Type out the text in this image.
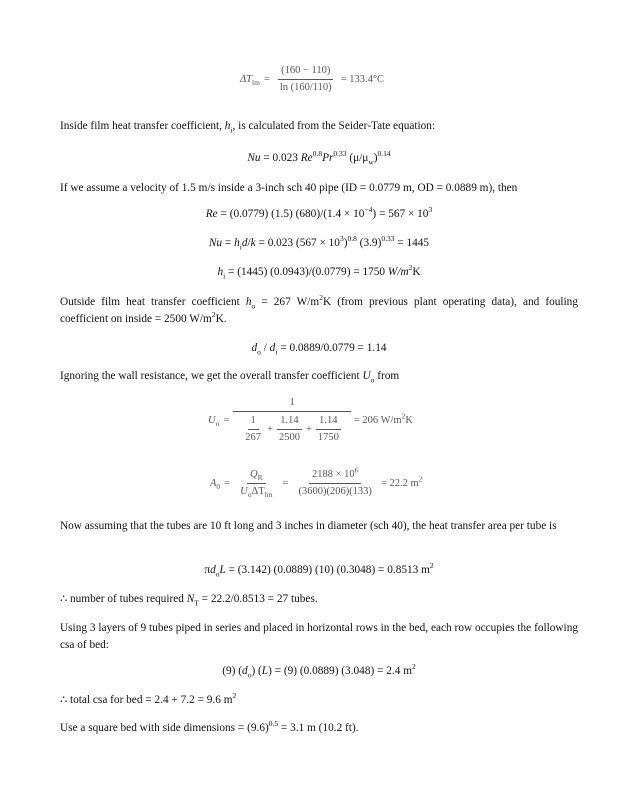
$\Delta T_{lm} = \frac{(160 - 110)}{\ln (160/110)} = 133.4^\circ C$

Inside film heat transfer coefficient, $h_i$, is calculated from the Seider-Tate equation:

Nu = 0.023 $Re^{0.8}Pr^{0.33}$ $(\mu/\mu_w)^{0.14}$

If we assume a velocity of 1.5 m/s inside a 3-inch sch 40 pipe (ID = 0.0779 m, OD = 0.0889 m), then

Re = (0.0779) (1.5) $(680)/(1.4 \times 10^{-4}) = 567 \times 10^3$
$Nu = h_id/k = 0.023$ $(567 \times 10^3)^{0.8}$ $(3.9)^{0.33} = 1445$
$h_i = (1445) (0.0943)/(0.0779) = 1750$ $W/m^2K$

Outside film heat transfer coefficient $h_o = 267$ $W/m^2K$ (from previous plant operating data), and fouling coefficient on inside = 2500 $W/m^2K$.

$d_o / d_i = 0.0889/0.0779 = 1.14$

Ignoring the wall resistance, we get the overall transfer coefficient $U_o$ from

$U_o = \frac{1}{\frac{1}{267} + \frac{1.14}{2500} + \frac{1.14}{1750}} = 206$ $W/m^2K$
$A_0 = \frac{Q_R}{U_o\Delta T_{lm}} = \frac{2188 \times 10^6}{(3600)(206)(133)} = 22.2$ $m^2$

Now assuming that the tubes are 10 ft long and 3 inches in diameter (sch 40), the heat transfer area per tube is

$\pi d_oL = (3.142)$ (0.0889) (10) (0.3048) = 0.8513 $m^2$

∴ number of tubes required $N_T = 22.2/0.8513 = 27$ tubes.

Using 3 layers of 9 tubes piped in series and placed in horizontal rows in the bed, each row occupies the following csa of bed:

(9) $(d_o) (L) = (9)$ (0.0889) (3.048) = 2.4 $m^2$

∴ total csa for bed = 2.4 + 7.2 = 9.6 $m^2$

Use a square bed with side dimensions = $(9.6)^{0.5} = 3.1$ m (10.2 ft).
